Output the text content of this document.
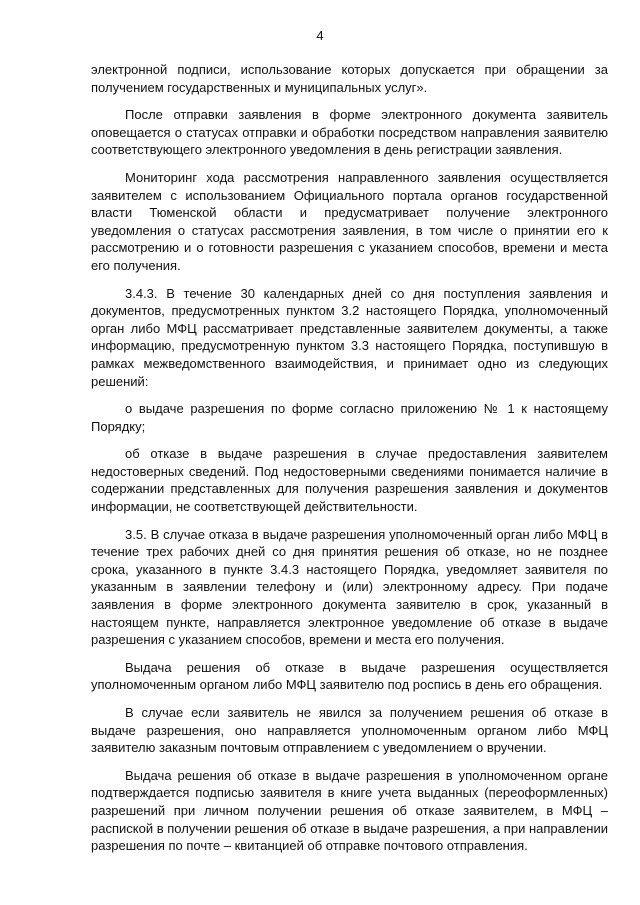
4

электронной подписи, использование которых допускается при обращении за получением государственных и муниципальных услуг».

После отправки заявления в форме электронного документа заявитель оповещается о статусах отправки и обработки посредством направления заявителю соответствующего электронного уведомления в день регистрации заявления.

Мониторинг хода рассмотрения направленного заявления осуществляется заявителем с использованием Официального портала органов государственной власти Тюменской области и предусматривает получение электронного уведомления о статусах рассмотрения заявления, в том числе о принятии его к рассмотрению и о готовности разрешения с указанием способов, времени и места его получения.

3.4.3. В течение 30 календарных дней со дня поступления заявления и документов, предусмотренных пунктом 3.2 настоящего Порядка, уполномоченный орган либо МФЦ рассматривает представленные заявителем документы, а также информацию, предусмотренную пунктом 3.3 настоящего Порядка, поступившую в рамках межведомственного взаимодействия, и принимает одно из следующих решений:

о выдаче разрешения по форме согласно приложению № 1 к настоящему Порядку;

об отказе в выдаче разрешения в случае предоставления заявителем недостоверных сведений. Под недостоверными сведениями понимается наличие в содержании представленных для получения разрешения заявления и документов информации, не соответствующей действительности.

3.5. В случае отказа в выдаче разрешения уполномоченный орган либо МФЦ в течение трех рабочих дней со дня принятия решения об отказе, но не позднее срока, указанного в пункте 3.4.3 настоящего Порядка, уведомляет заявителя по указанным в заявлении телефону и (или) электронному адресу. При подаче заявления в форме электронного документа заявителю в срок, указанный в настоящем пункте, направляется электронное уведомление об отказе в выдаче разрешения с указанием способов, времени и места его получения.

Выдача решения об отказе в выдаче разрешения осуществляется уполномоченным органом либо МФЦ заявителю под роспись в день его обращения.

В случае если заявитель не явился за получением решения об отказе в выдаче разрешения, оно направляется уполномоченным органом либо МФЦ заявителю заказным почтовым отправлением с уведомлением о вручении.

Выдача решения об отказе в выдаче разрешения в уполномоченном органе подтверждается подписью заявителя в книге учета выданных (переоформленных) разрешений при личном получении решения об отказе заявителем, в МФЦ – распиской в получении решения об отказе в выдаче разрешения, а при направлении разрешения по почте – квитанцией об отправке почтового отправления.
